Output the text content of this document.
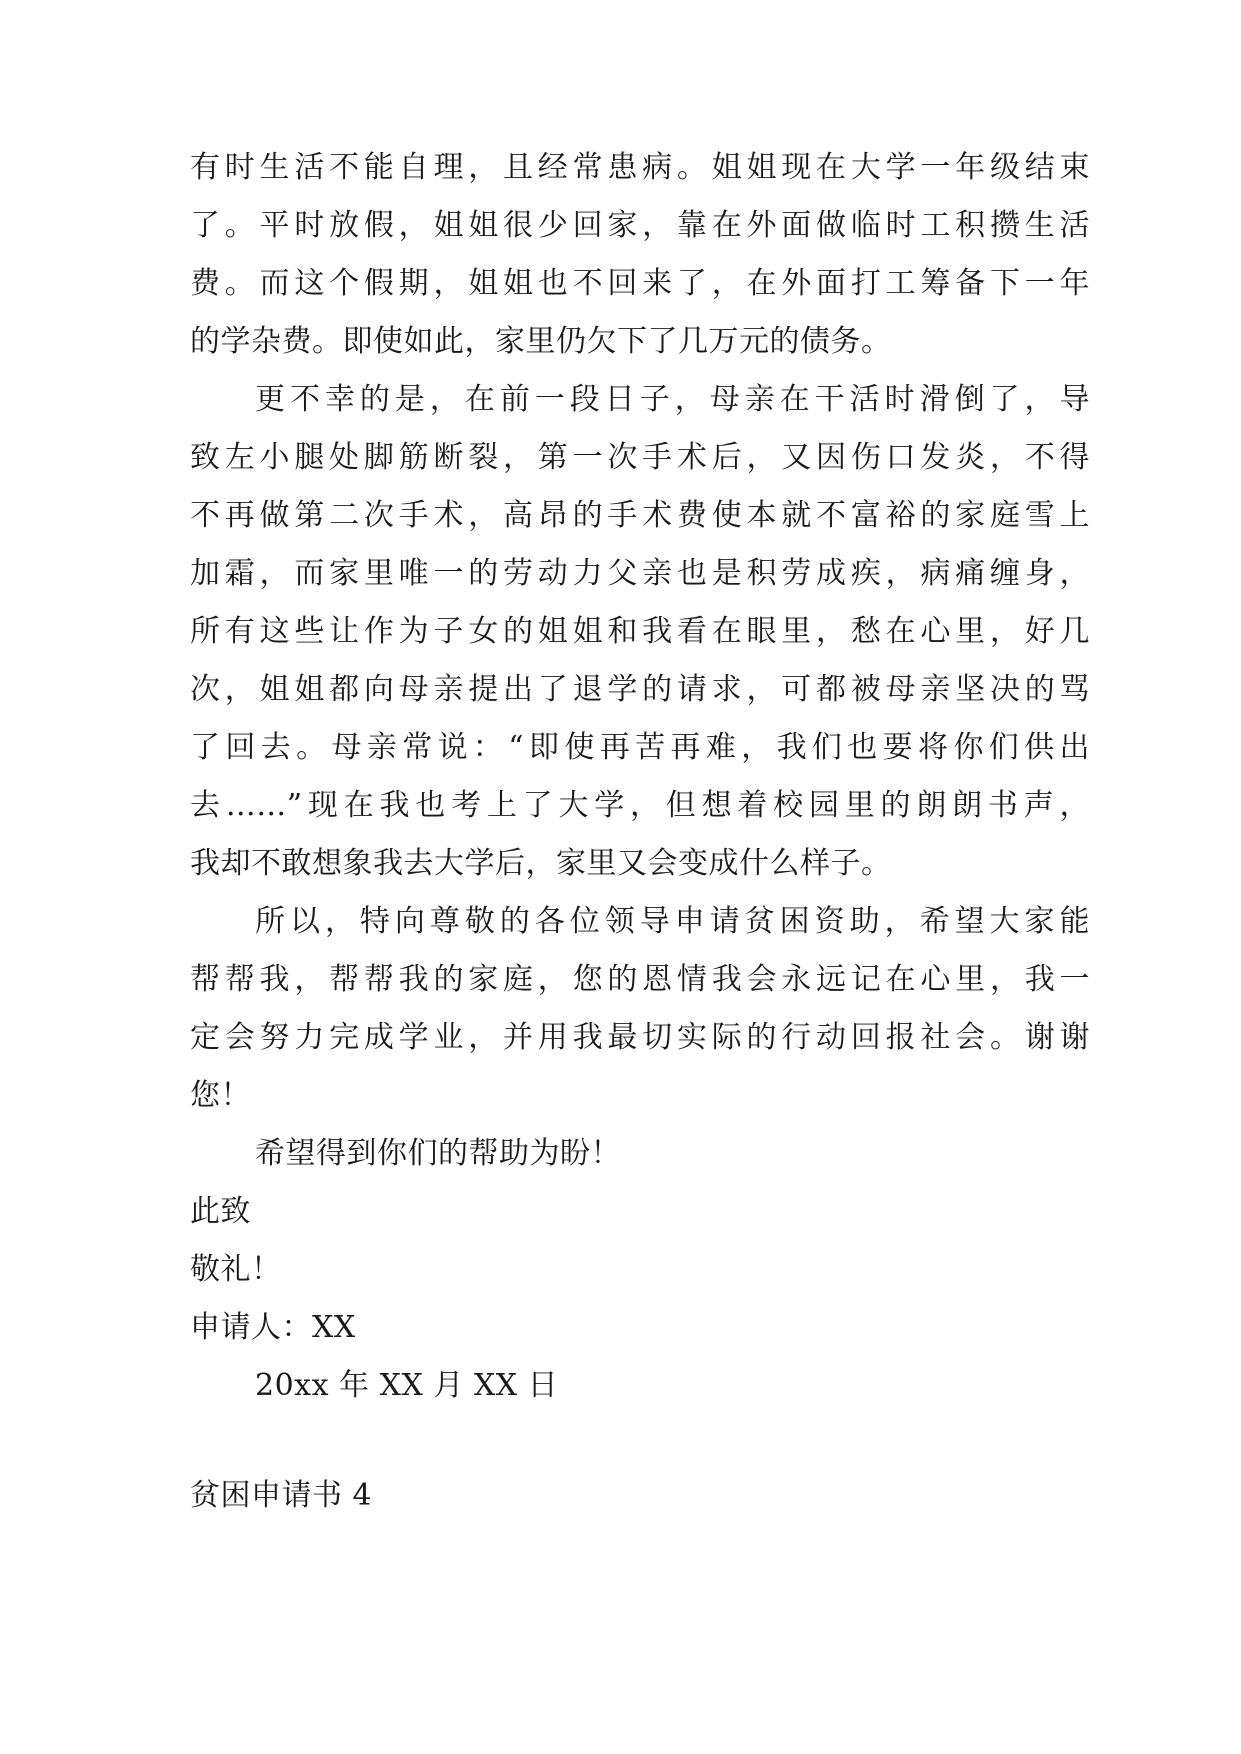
有时生活不能自理，且经常患病。姐姐现在大学一年级结束
了。平时放假，姐姐很少回家，靠在外面做临时工积攒生活
费。而这个假期，姐姐也不回来了，在外面打工筹备下一年
的学杂费。即使如此，家里仍欠下了几万元的债务。
更不幸的是，在前一段日子，母亲在干活时滑倒了，导
致左小腿处脚筋断裂，第一次手术后，又因伤口发炎，不得
不再做第二次手术，高昂的手术费使本就不富裕的家庭雪上
加霜，而家里唯一的劳动力父亲也是积劳成疾，病痛缠身，
所有这些让作为子女的姐姐和我看在眼里，愁在心里，好几
次，姐姐都向母亲提出了退学的请求，可都被母亲坚决的骂
了回去。母亲常说：“即使再苦再难，我们也要将你们供出
去……”现在我也考上了大学，但想着校园里的朗朗书声，
我却不敢想象我去大学后，家里又会变成什么样子。
所以，特向尊敬的各位领导申请贫困资助，希望大家能
帮帮我，帮帮我的家庭，您的恩情我会永远记在心里，我一
定会努力完成学业，并用我最切实际的行动回报社会。谢谢
您！
希望得到你们的帮助为盼！
此致
敬礼！
申请人：XX
20xx 年 XX 月 XX 日
贫困申请书 4
